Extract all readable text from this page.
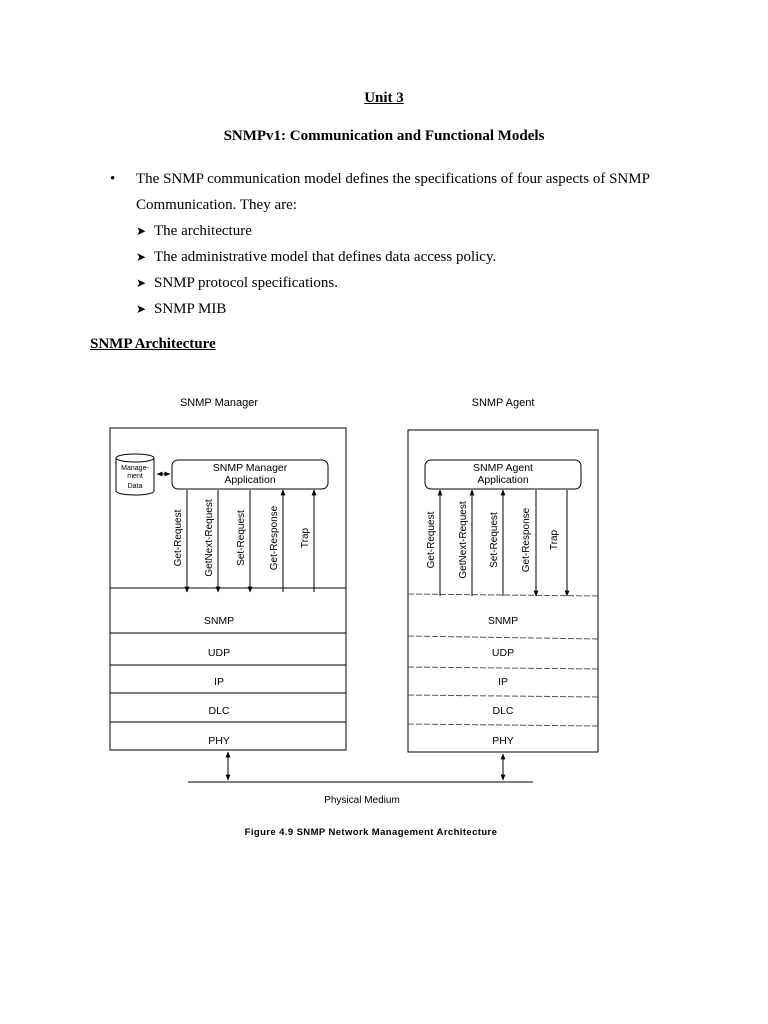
Unit 3
SNMPv1: Communication and Functional Models
• The SNMP communication model defines the specifications of four aspects of SNMP
Communication. They are:
➤ The architecture
➤ The administrative model that defines data access policy.
➤ SNMP protocol specifications.
➤ SNMP MIB
SNMP Architecture
SNMP Manager	SNMP Agent
Manage-
ment
Data
SNMP Manager
Application
Get-Request GetNext-Request Set-Request Get-Response Trap
SNMP
UDP
IP
DLC
PHY
SNMP Agent
Application
Get-Request GetNext-Request Set-Request Get-Response Trap
SNMP
UDP
IP
DLC
PHY
Physical Medium
Figure 4.9 SNMP Network Management Architecture
